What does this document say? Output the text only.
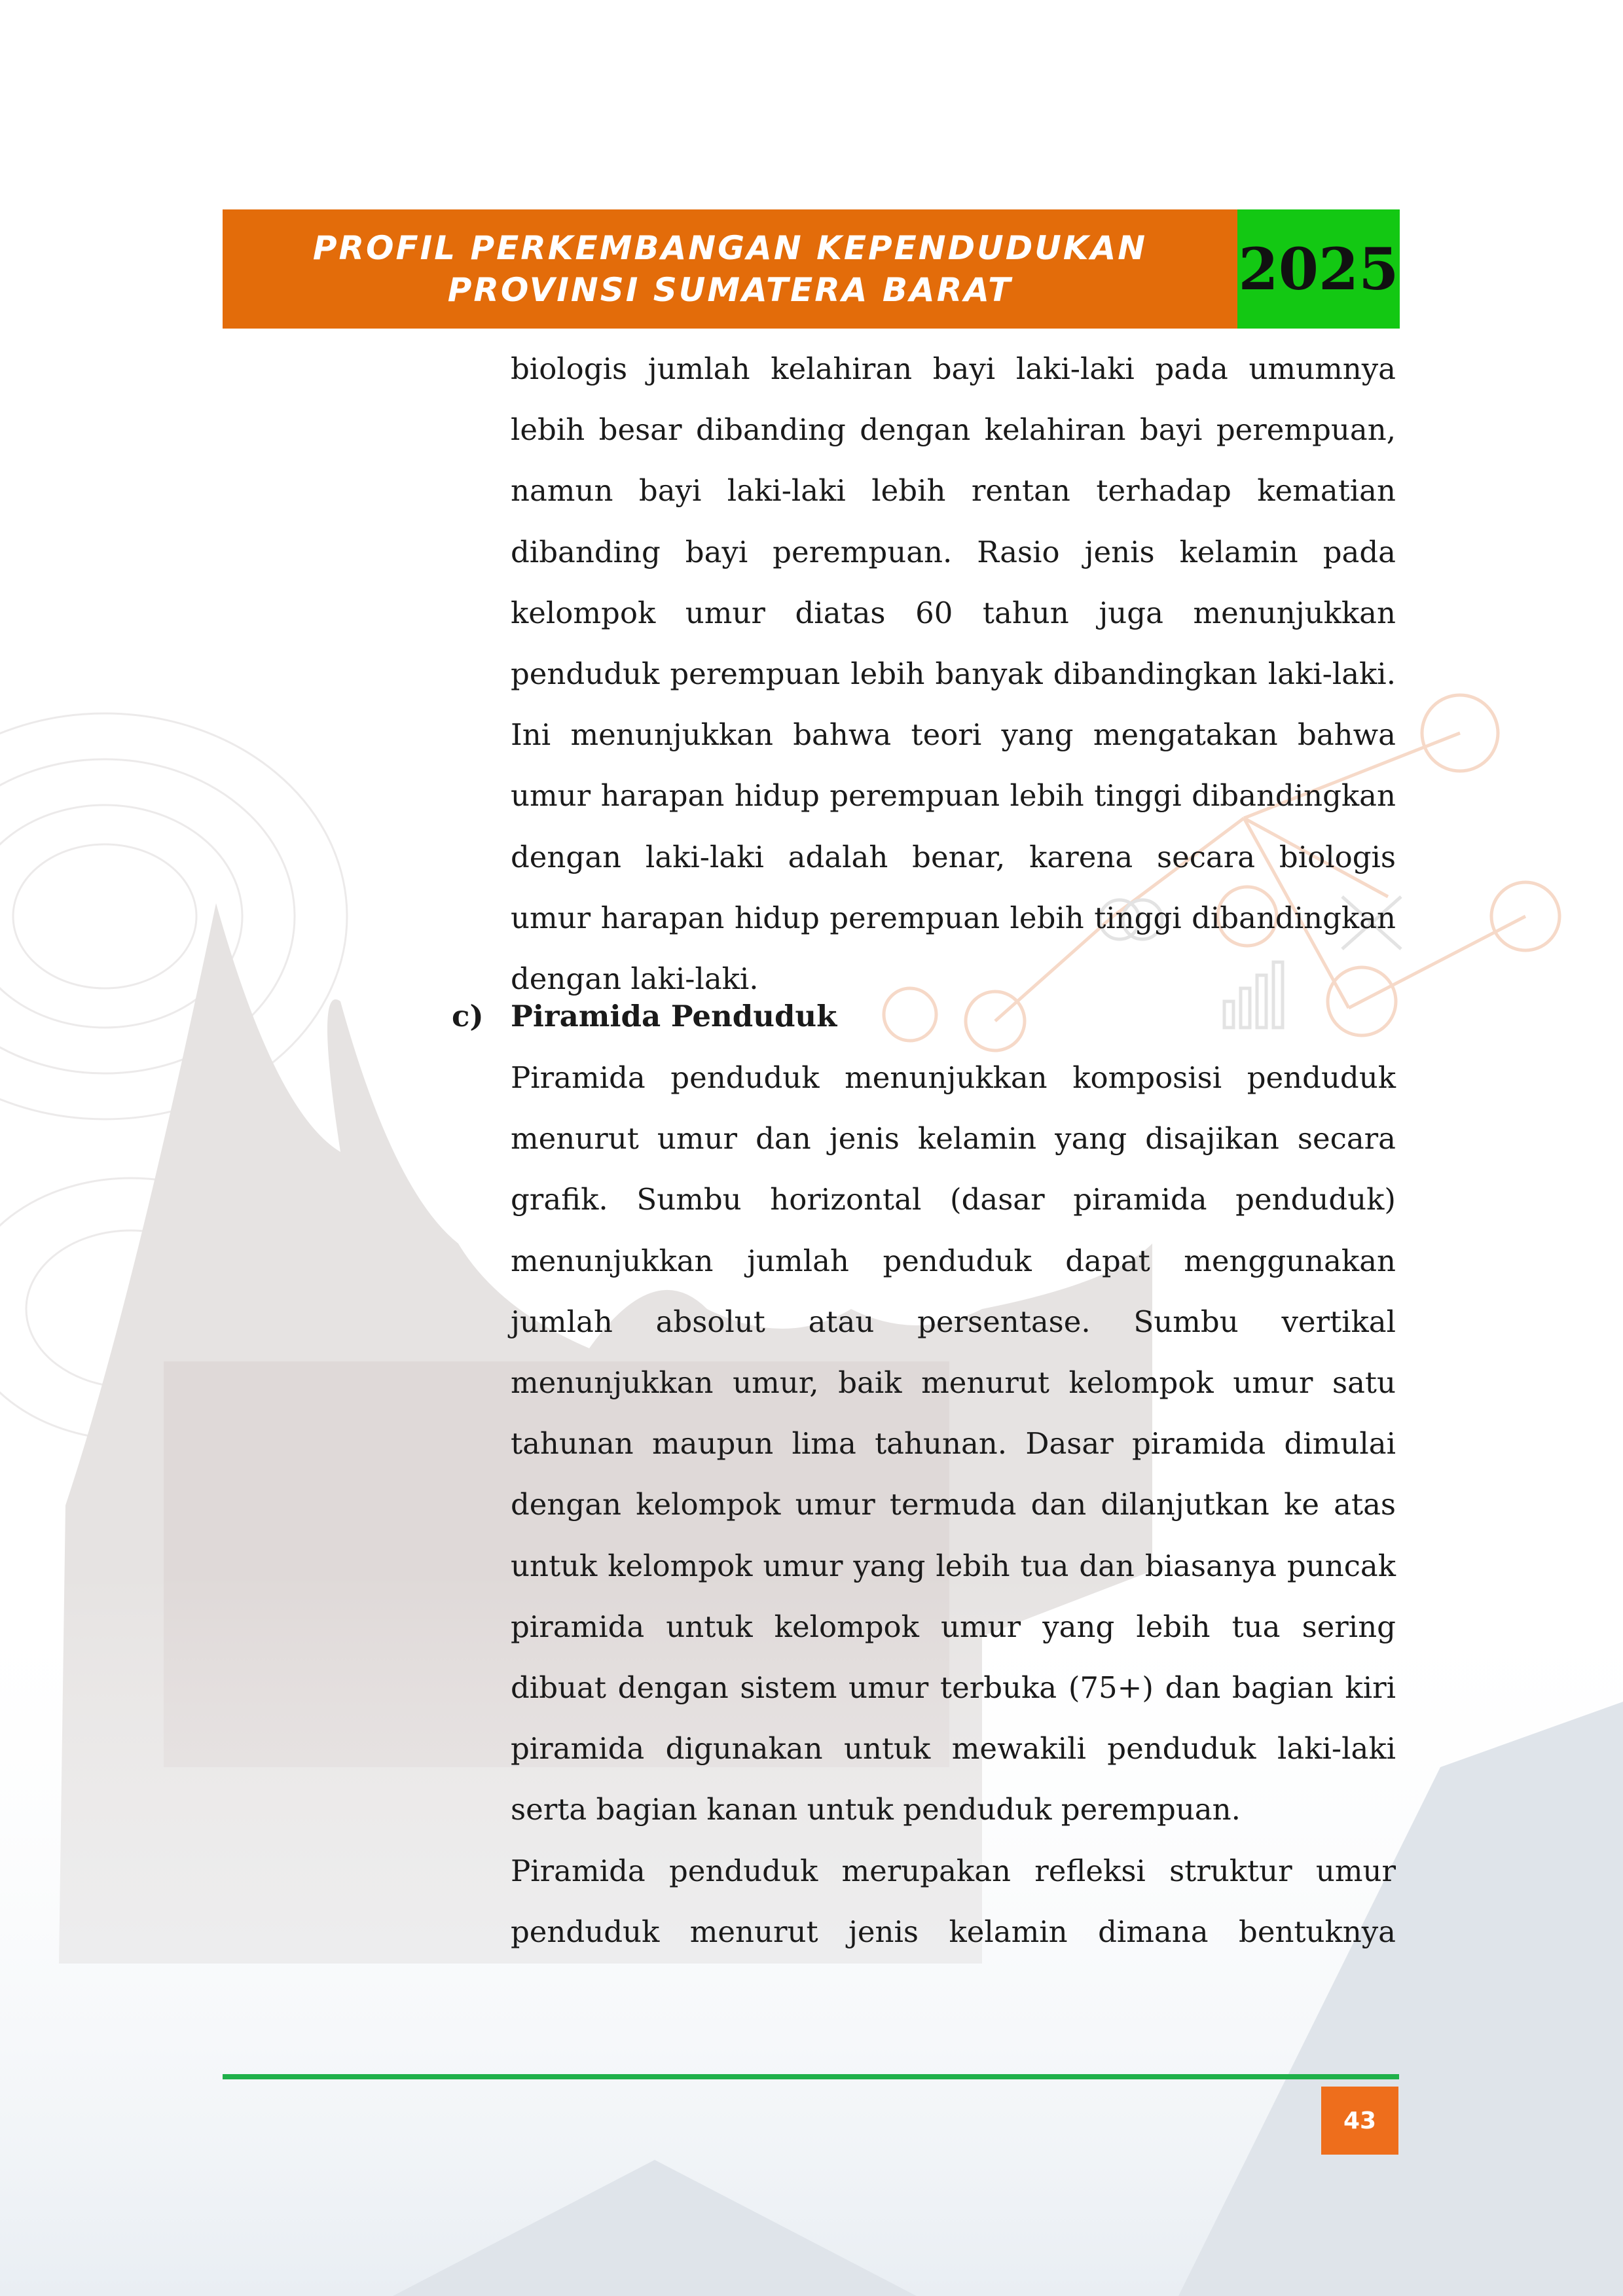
PROFIL PERKEMBANGAN KEPENDUDUKAN
PROVINSI SUMATERA BARAT	2025

biologis jumlah kelahiran bayi laki-laki pada umumnya lebih besar dibanding dengan kelahiran bayi perempuan, namun bayi laki-laki lebih rentan terhadap kematian dibanding bayi perempuan. Rasio jenis kelamin pada kelompok umur diatas 60 tahun juga menunjukkan penduduk perempuan lebih banyak dibandingkan laki-laki. Ini menunjukkan bahwa teori yang mengatakan bahwa umur harapan hidup perempuan lebih tinggi dibandingkan dengan laki-laki adalah benar, karena secara biologis umur harapan hidup perempuan lebih tinggi dibandingkan dengan laki-laki.

c) Piramida Penduduk

Piramida penduduk menunjukkan komposisi penduduk menurut umur dan jenis kelamin yang disajikan secara grafik. Sumbu horizontal (dasar piramida penduduk) menunjukkan jumlah penduduk dapat menggunakan jumlah absolut atau persentase. Sumbu vertikal menunjukkan umur, baik menurut kelompok umur satu tahunan maupun lima tahunan. Dasar piramida dimulai dengan kelompok umur termuda dan dilanjutkan ke atas untuk kelompok umur yang lebih tua dan biasanya puncak piramida untuk kelompok umur yang lebih tua sering dibuat dengan sistem umur terbuka (75+) dan bagian kiri piramida digunakan untuk mewakili penduduk laki-laki serta bagian kanan untuk penduduk perempuan.

Piramida penduduk merupakan refleksi struktur umur penduduk menurut jenis kelamin dimana bentuknya

43
